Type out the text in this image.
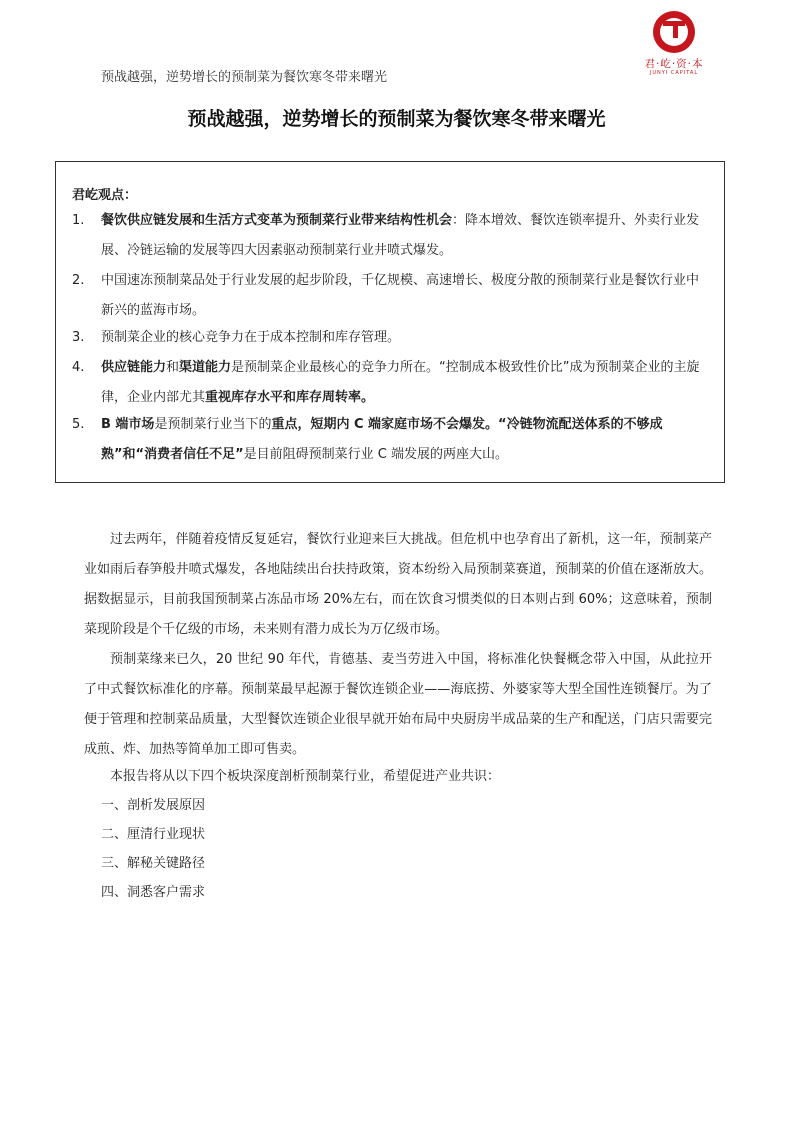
预战越强，逆势增长的预制菜为餐饮寒冬带来曙光
君·屹·资·本
JUNYI CAPITAL
预战越强，逆势增长的预制菜为餐饮寒冬带来曙光
君屹观点：
1.	餐饮供应链发展和生活方式变革为预制菜行业带来结构性机会：降本增效、餐饮连锁率提升、外卖行业发展、冷链运输的发展等四大因素驱动预制菜行业井喷式爆发。
2.	中国速冻预制菜品处于行业发展的起步阶段，千亿规模、高速增长、极度分散的预制菜行业是餐饮行业中新兴的蓝海市场。
3.	预制菜企业的核心竞争力在于成本控制和库存管理。
4.	供应链能力和渠道能力是预制菜企业最核心的竞争力所在。“控制成本极致性价比”成为预制菜企业的主旋律，企业内部尤其重视库存水平和库存周转率。
5.	B 端市场是预制菜行业当下的重点，短期内 C 端家庭市场不会爆发。“冷链物流配送体系的不够成熟”和“消费者信任不足”是目前阻碍预制菜行业 C 端发展的两座大山。

过去两年，伴随着疫情反复延宕，餐饮行业迎来巨大挑战。但危机中也孕育出了新机，这一年，预制菜产业如雨后春笋般井喷式爆发，各地陆续出台扶持政策，资本纷纷入局预制菜赛道，预制菜的价值在逐渐放大。据数据显示，目前我国预制菜占冻品市场 20%左右，而在饮食习惯类似的日本则占到 60%；这意味着，预制菜现阶段是个千亿级的市场，未来则有潜力成长为万亿级市场。

预制菜缘来已久，20 世纪 90 年代，肯德基、麦当劳进入中国，将标准化快餐概念带入中国，从此拉开了中式餐饮标准化的序幕。预制菜最早起源于餐饮连锁企业——海底捞、外婆家等大型全国性连锁餐厅。为了便于管理和控制菜品质量，大型餐饮连锁企业很早就开始布局中央厨房半成品菜的生产和配送，门店只需要完成煎、炸、加热等简单加工即可售卖。

本报告将从以下四个板块深度剖析预制菜行业，希望促进产业共识：

一、剖析发展原因
二、厘清行业现状
三、解秘关键路径
四、洞悉客户需求
